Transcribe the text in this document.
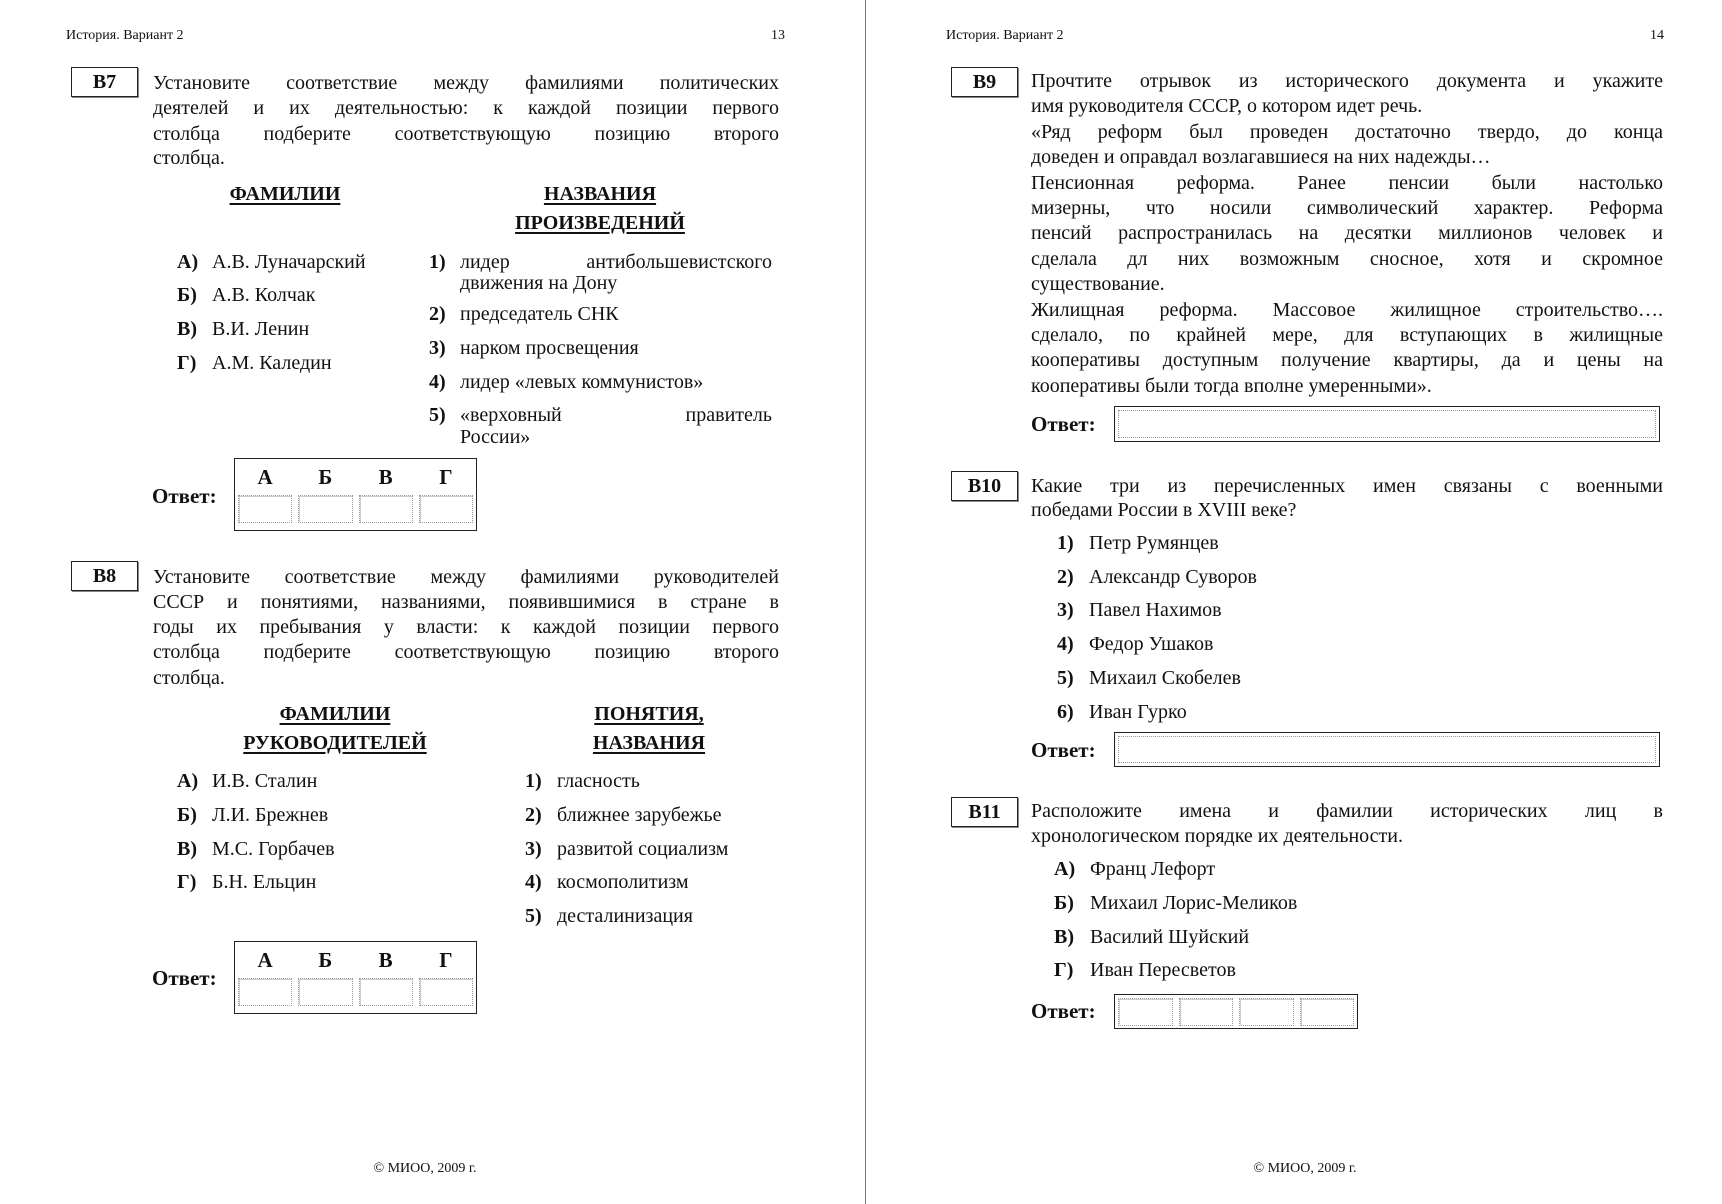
История. Вариант 2	13
B7	Установите соответствие между фамилиями политических
деятелей и их деятельностью: к каждой позиции первого
столбца подберите соответствующую позицию второго
столбца.
ФАМИЛИИ	НАЗВАНИЯ
ПРОИЗВЕДЕНИЙ
А) А.В. Луначарский
Б) А.В. Колчак
В) В.И. Ленин
Г) А.М. Каледин
1) лидер антибольшевистского
движения на Дону
2) председатель СНК
3) нарком просвещения
4) лидер «левых коммунистов»
5) «верховный правитель
России»
Ответ:
А	Б	В	Г
B8	Установите соответствие между фамилиями руководителей
СССР и понятиями, названиями, появившимися в стране в
годы их пребывания у власти: к каждой позиции первого
столбца подберите соответствующую позицию второго
столбца.
ФАМИЛИИ
РУКОВОДИТЕЛЕЙ
ПОНЯТИЯ,
НАЗВАНИЯ
А) И.В. Сталин
Б) Л.И. Брежнев
В) М.С. Горбачев
Г) Б.Н. Ельцин
1) гласность
2) ближнее зарубежье
3) развитой социализм
4) космополитизм
5) десталинизация
Ответ:
А	Б	В	Г
© МИОО, 2009 г.
История. Вариант 2	14
B9	Прочтите отрывок из исторического документа и укажите
имя руководителя СССР, о котором идет речь.
«Ряд реформ был проведен достаточно твердо, до конца
доведен и оправдал возлагавшиеся на них надежды…
Пенсионная реформа. Ранее пенсии были настолько
мизерны, что носили символический характер. Реформа
пенсий распространилась на десятки миллионов человек и
сделала дл них возможным сносное, хотя и скромное
существование.
Жилищная реформа. Массовое жилищное строительство….
сделало, по крайней мере, для вступающих в жилищные
кооперативы доступным получение квартиры, да и цены на
кооперативы были тогда вполне умеренными».
Ответ:
B10	Какие три из перечисленных имен связаны с военными
победами России в XVIII веке?
1) Петр Румянцев
2) Александр Суворов
3) Павел Нахимов
4) Федор Ушаков
5) Михаил Скобелев
6) Иван Гурко
Ответ:
B11	Расположите имена и фамилии исторических лиц в
хронологическом порядке их деятельности.
А) Франц Лефорт
Б) Михаил Лорис-Меликов
В) Василий Шуйский
Г) Иван Пересветов
Ответ:
© МИОО, 2009 г.
